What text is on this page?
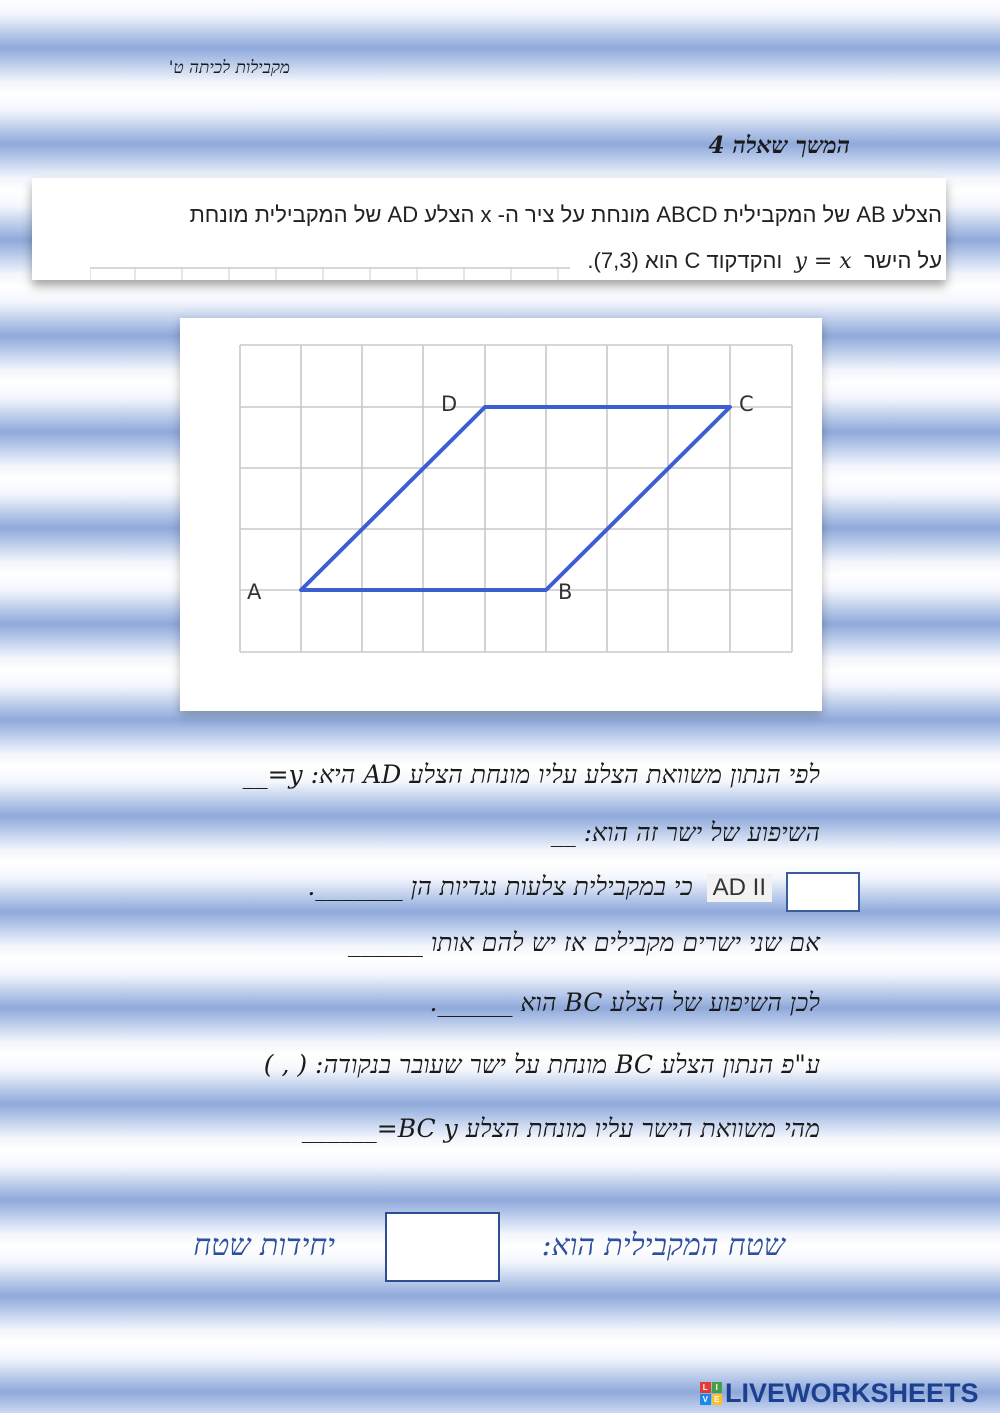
מקבילות לכיתה ט'
המשך שאלה 4
הצלע AB של המקבילית ABCD מונחת על ציר ה- x הצלע AD של המקבילית מונחת
על הישר  y = x  והקדקוד C הוא (7,3).
A	B
C
D
לפי הנתון משוואת הצלע עליו מונחת הצלע AD היא: y=__
השיפוע של ישר זה הוא: __
AD II כי במקבילית צלעות נגדיות הן _______.
אם שני ישרים מקבילים אז יש להם אותו ______
לכן השיפוע של הצלע BC הוא ______.
ע"פ הנתון הצלע BC מונחת על ישר שעובר בנקודה: ( , )
מהי משוואת הישר עליו מונחת הצלע BC y=______
שטח המקבילית הוא:
יחידות שטח
L I
V E LIVEWORKSHEETS
